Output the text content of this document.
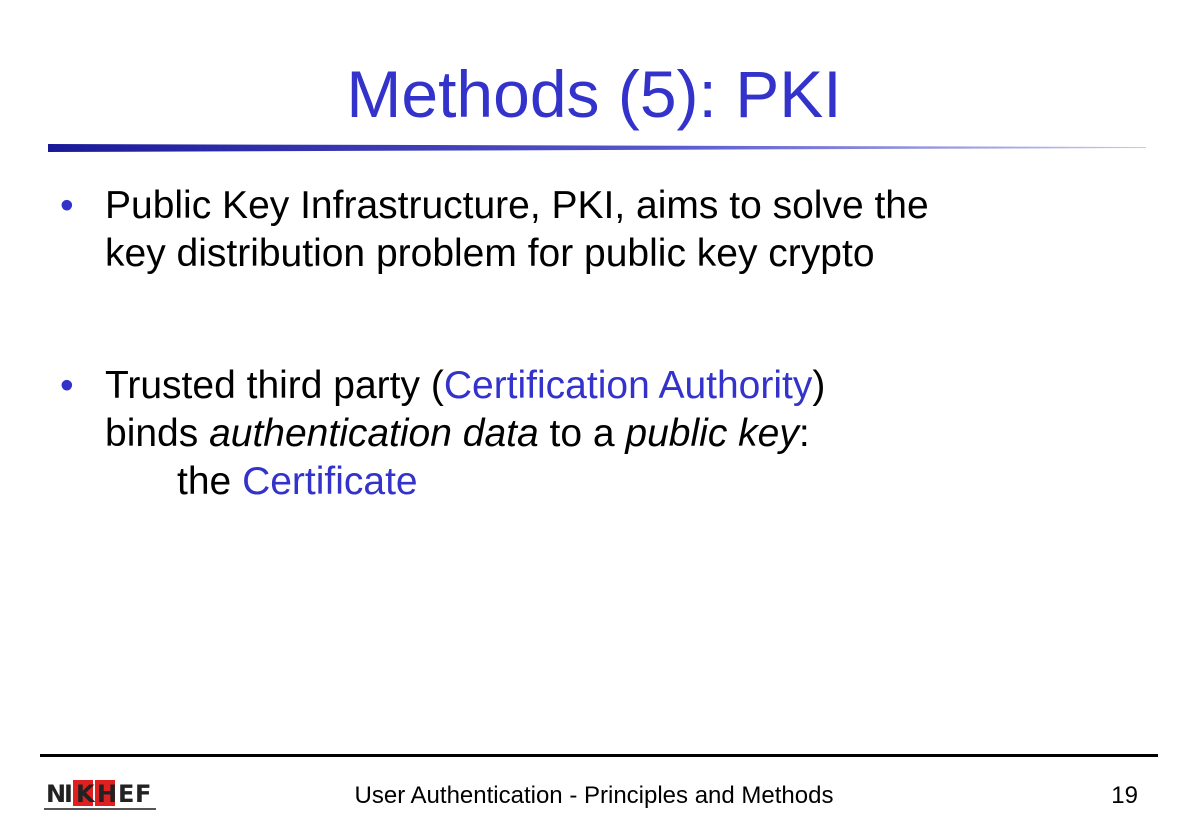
Methods (5): PKI
• Public Key Infrastructure, PKI, aims to solve the
key distribution problem for public key crypto
• Trusted third party (Certification Authority)
binds authentication data to a public key:
the Certificate
N
I K H E F	User Authentication - Principles and Methods	19
